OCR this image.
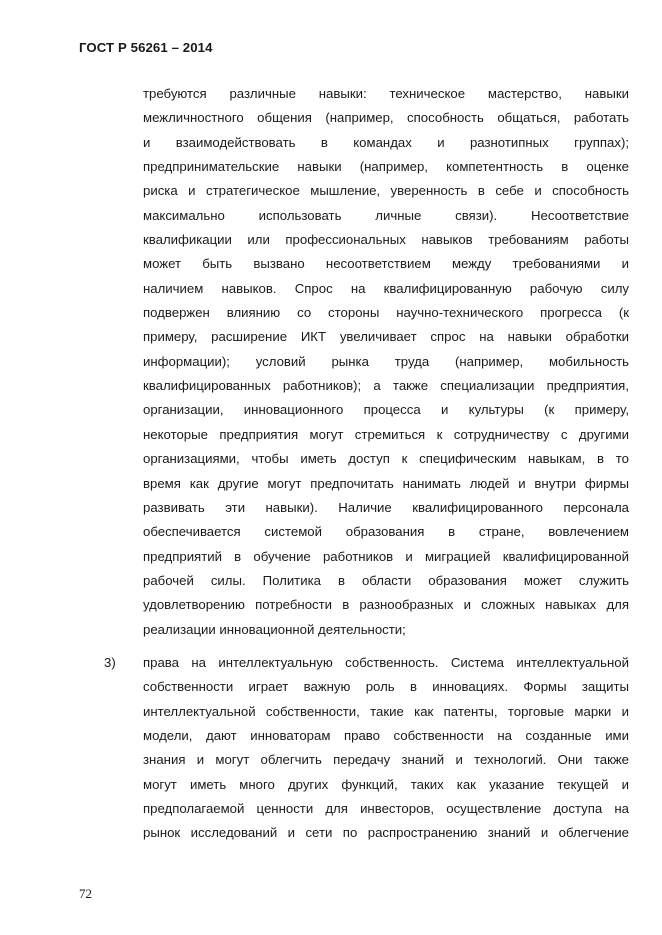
ГОСТ Р 56261 – 2014
требуются различные навыки: техническое мастерство, навыки
межличностного общения (например, способность общаться, работать
и взаимодействовать в командах и разнотипных группах);
предпринимательские навыки (например, компетентность в оценке
риска и стратегическое мышление, уверенность в себе и способность
максимально использовать личные связи). Несоответствие
квалификации или профессиональных навыков требованиям работы
может быть вызвано несоответствием между требованиями и
наличием навыков. Спрос на квалифицированную рабочую силу
подвержен влиянию со стороны научно-технического прогресса (к
примеру, расширение ИКТ увеличивает спрос на навыки обработки
информации); условий рынка труда (например, мобильность
квалифицированных работников); а также специализации предприятия,
организации, инновационного процесса и культуры (к примеру,
некоторые предприятия могут стремиться к сотрудничеству с другими
организациями, чтобы иметь доступ к специфическим навыкам, в то
время как другие могут предпочитать нанимать людей и внутри фирмы
развивать эти навыки). Наличие квалифицированного персонала
обеспечивается системой образования в стране, вовлечением
предприятий в обучение работников и миграцией квалифицированной
рабочей силы. Политика в области образования может служить
удовлетворению потребности в разнообразных и сложных навыках для
реализации инновационной деятельности;
3) права на интеллектуальную собственность. Система интеллектуальной
собственности играет важную роль в инновациях. Формы защиты
интеллектуальной собственности, такие как патенты, торговые марки и
модели, дают инноваторам право собственности на созданные ими
знания и могут облегчить передачу знаний и технологий. Они также
могут иметь много других функций, таких как указание текущей и
предполагаемой ценности для инвесторов, осуществление доступа на
рынок исследований и сети по распространению знаний и облегчение
72
